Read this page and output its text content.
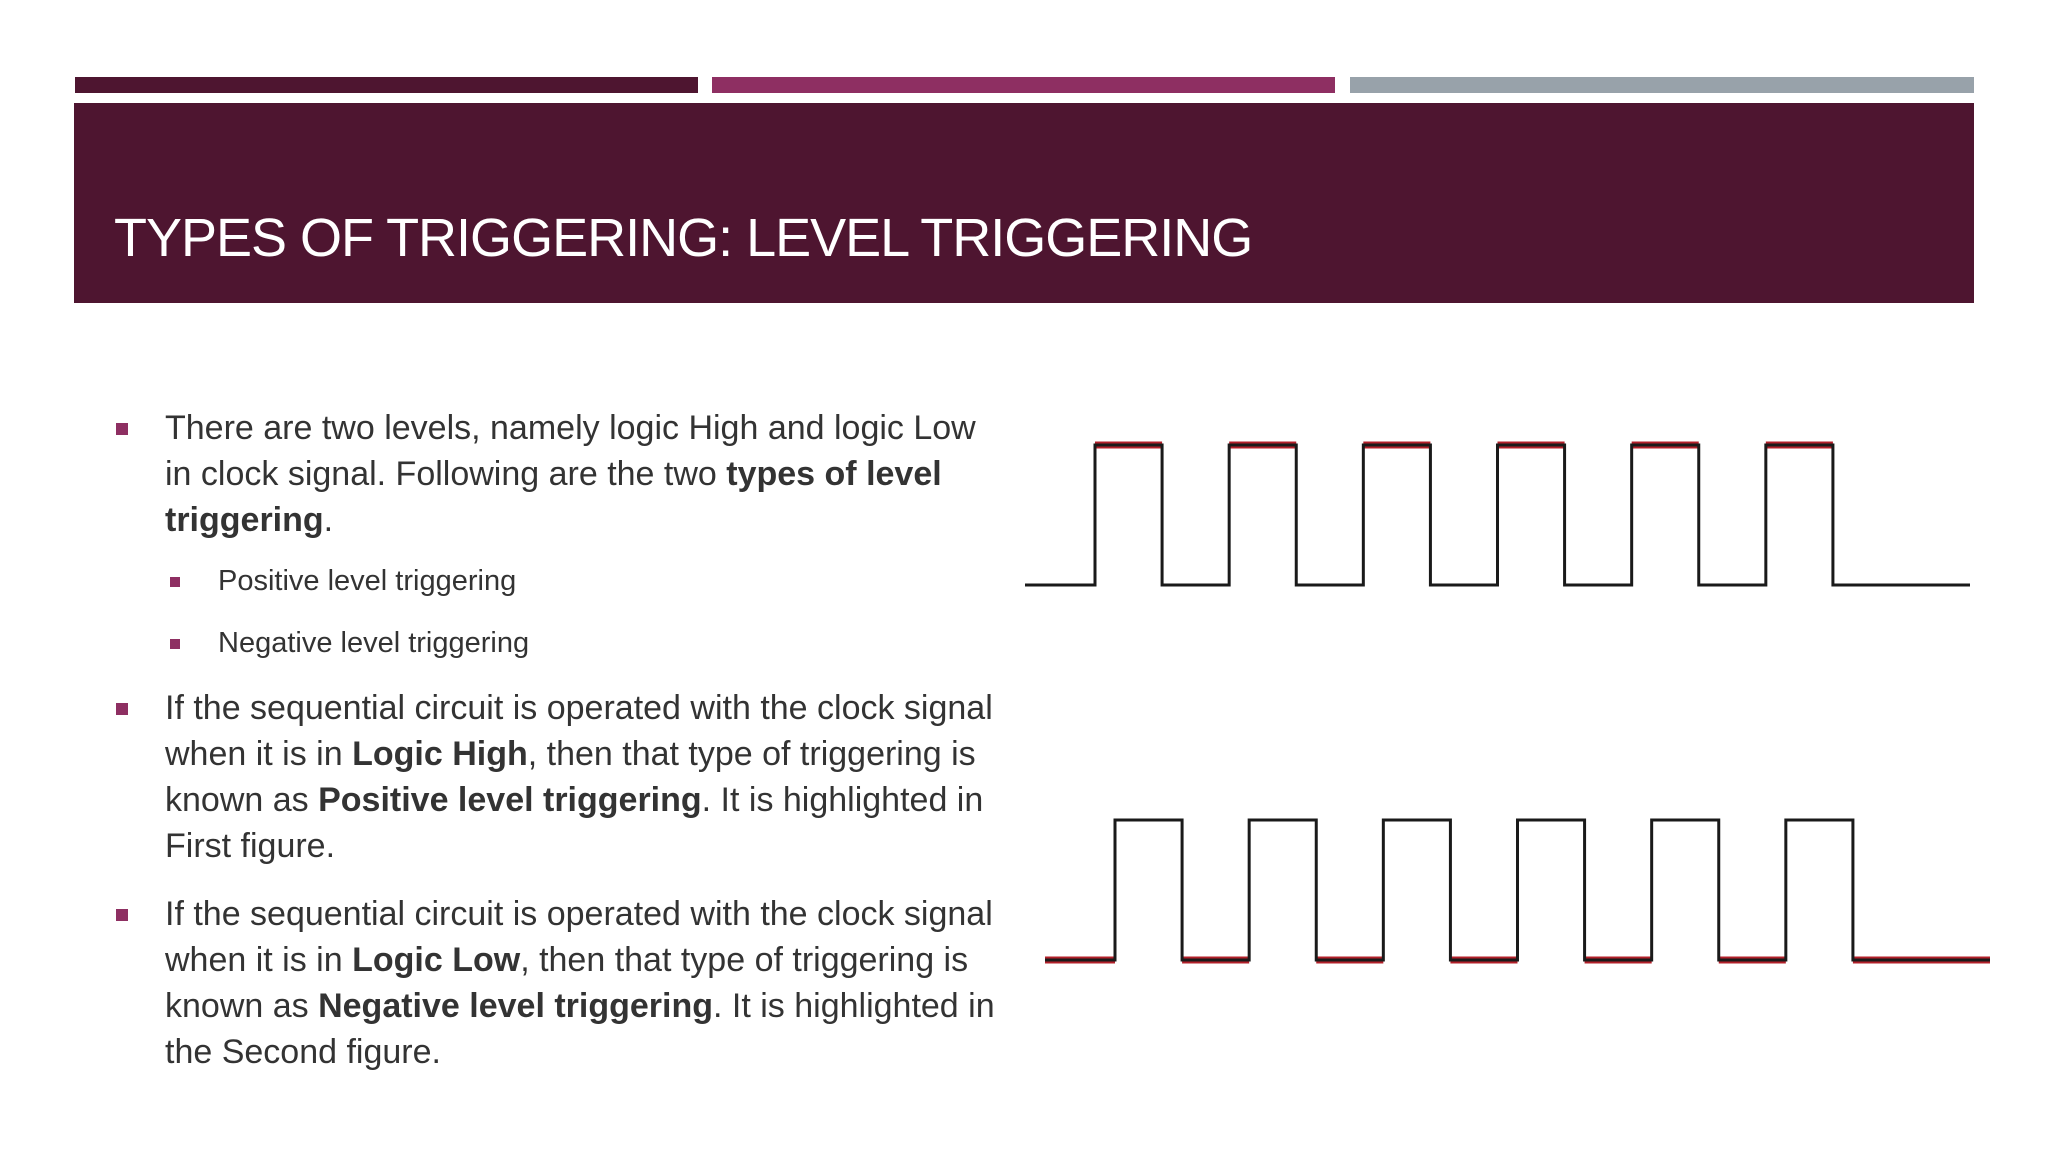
TYPES OF TRIGGERING: LEVEL TRIGGERING
There are two levels, namely logic High and logic Low in clock signal. Following are the two types of level triggering.
Positive level triggering
Negative level triggering
If the sequential circuit is operated with the clock signal when it is in Logic High, then that type of triggering is known as Positive level triggering. It is highlighted in First figure.
If the sequential circuit is operated with the clock signal when it is in Logic Low, then that type of triggering is known as Negative level triggering. It is highlighted in the Second figure.
